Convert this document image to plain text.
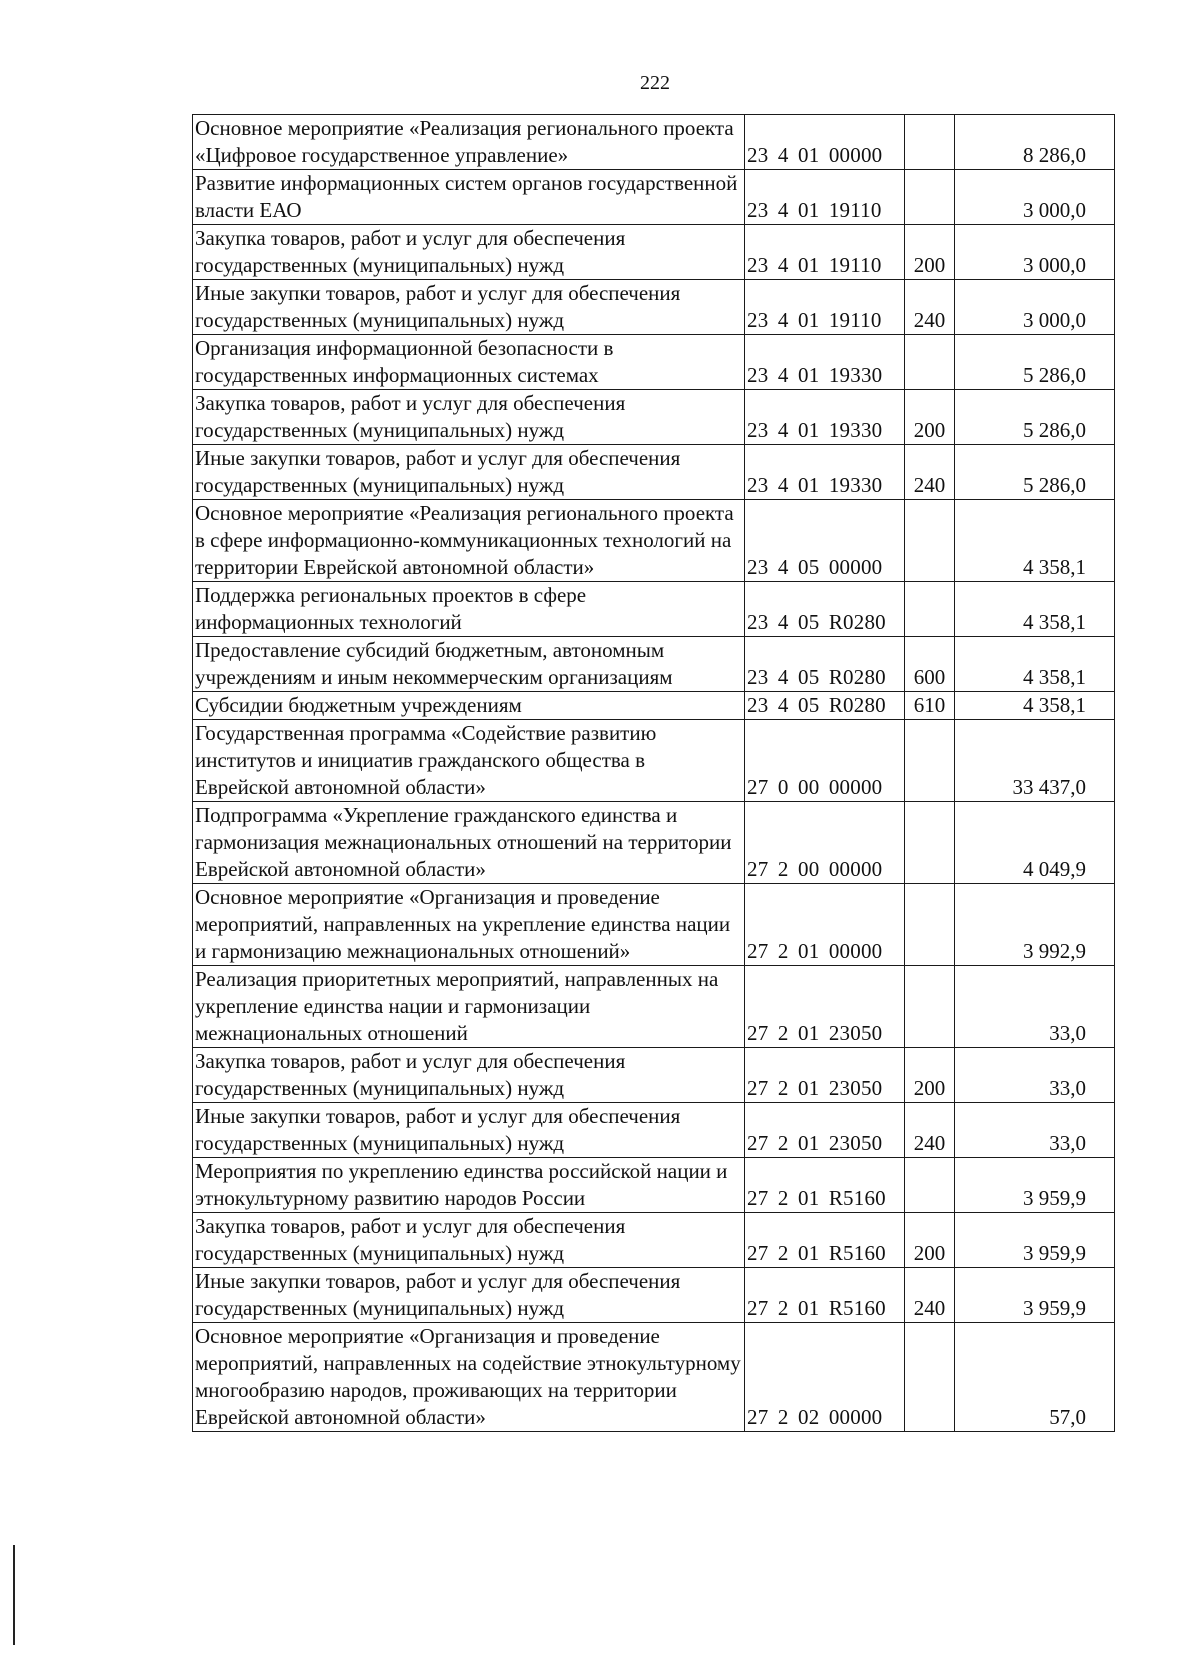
222
Основное мероприятие «Реализация регионального проекта «Цифровое государственное управление»	23 4 01 00000		8 286,0
Развитие информационных систем органов государственной власти ЕАО	23 4 01 19110		3 000,0
Закупка товаров, работ и услуг для обеспечения государственных (муниципальных) нужд	23 4 01 19110	200	3 000,0
Иные закупки товаров, работ и услуг для обеспечения государственных (муниципальных) нужд	23 4 01 19110	240	3 000,0
Организация информационной безопасности в государственных информационных системах	23 4 01 19330		5 286,0
Закупка товаров, работ и услуг для обеспечения государственных (муниципальных) нужд	23 4 01 19330	200	5 286,0
Иные закупки товаров, работ и услуг для обеспечения государственных (муниципальных) нужд	23 4 01 19330	240	5 286,0
Основное мероприятие «Реализация регионального проекта в сфере информационно-коммуникационных технологий на территории Еврейской автономной области»	23 4 05 00000		4 358,1
Поддержка региональных проектов в сфере информационных технологий	23 4 05 R0280		4 358,1
Предоставление субсидий бюджетным, автономным учреждениям и иным некоммерческим организациям	23 4 05 R0280	600	4 358,1
Субсидии бюджетным учреждениям	23 4 05 R0280	610	4 358,1
Государственная программа «Содействие развитию институтов и инициатив гражданского общества в Еврейской автономной области»	27 0 00 00000		33 437,0
Подпрограмма «Укрепление гражданского единства и гармонизация межнациональных отношений на территории Еврейской автономной области»	27 2 00 00000		4 049,9
Основное мероприятие «Организация и проведение мероприятий, направленных на укрепление единства нации и гармонизацию межнациональных отношений»	27 2 01 00000		3 992,9
Реализация приоритетных мероприятий, направленных на укрепление единства нации и гармонизации межнациональных отношений	27 2 01 23050		33,0
Закупка товаров, работ и услуг для обеспечения государственных (муниципальных) нужд	27 2 01 23050	200	33,0
Иные закупки товаров, работ и услуг для обеспечения государственных (муниципальных) нужд	27 2 01 23050	240	33,0
Мероприятия по укреплению единства российской нации и этнокультурному развитию народов России	27 2 01 R5160		3 959,9
Закупка товаров, работ и услуг для обеспечения государственных (муниципальных) нужд	27 2 01 R5160	200	3 959,9
Иные закупки товаров, работ и услуг для обеспечения государственных (муниципальных) нужд	27 2 01 R5160	240	3 959,9
Основное мероприятие «Организация и проведение мероприятий, направленных на содействие этнокультурному многообразию народов, проживающих на территории Еврейской автономной области»	27 2 02 00000		57,0
